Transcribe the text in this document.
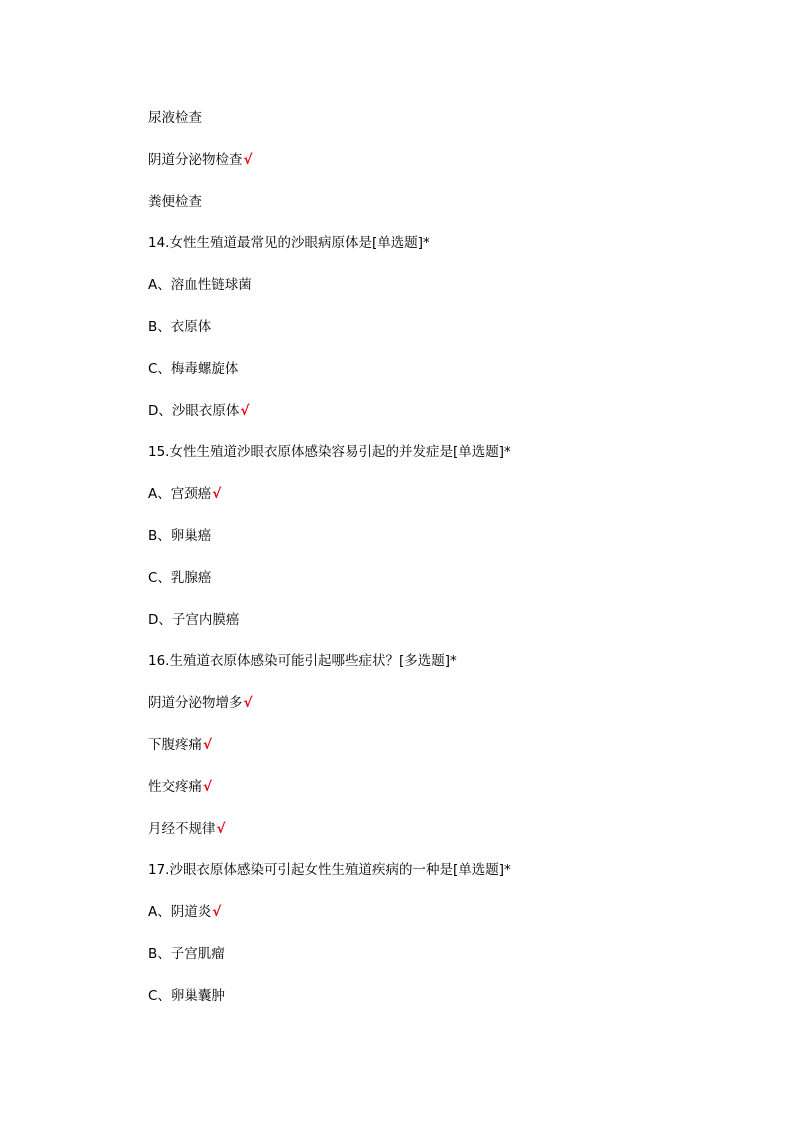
尿液检查
阴道分泌物检查√
粪便检查
14.女性生殖道最常见的沙眼病原体是[单选题]*
A、溶血性链球菌
B、衣原体
C、梅毒螺旋体
D、沙眼衣原体√
15.女性生殖道沙眼衣原体感染容易引起的并发症是[单选题]*
A、宫颈癌√
B、卵巢癌
C、乳腺癌
D、子宫内膜癌
16.生殖道衣原体感染可能引起哪些症状？[多选题]*
阴道分泌物增多√
下腹疼痛√
性交疼痛√
月经不规律√
17.沙眼衣原体感染可引起女性生殖道疾病的一种是[单选题]*
A、阴道炎√
B、子宫肌瘤
C、卵巢囊肿
